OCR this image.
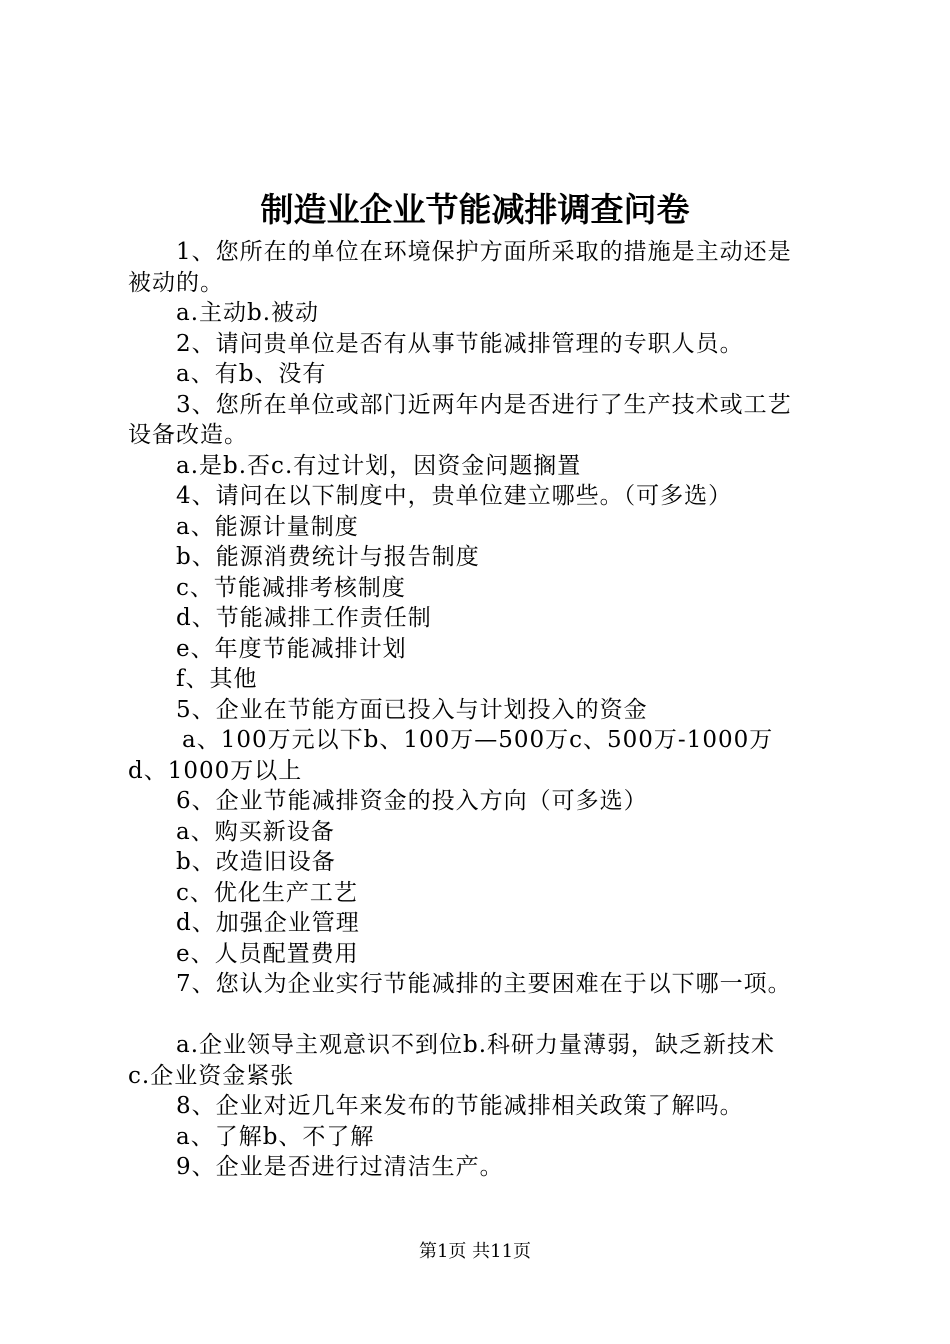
制造业企业节能减排调查问卷
1、您所在的单位在环境保护方面所采取的措施是主动还是
被动的。
a.主动b.被动
2、请问贵单位是否有从事节能减排管理的专职人员。
a、有b、没有
3、您所在单位或部门近两年内是否进行了生产技术或工艺
设备改造。
a.是b.否c.有过计划，因资金问题搁置
4、请问在以下制度中，贵单位建立哪些。（可多选）
a、能源计量制度
b、能源消费统计与报告制度
c、节能减排考核制度
d、节能减排工作责任制
e、年度节能减排计划
f、其他
5、企业在节能方面已投入与计划投入的资金
a、100万元以下b、100万—500万c、500万-1000万
d、1000万以上
6、企业节能减排资金的投入方向（可多选）
a、购买新设备
b、改造旧设备
c、优化生产工艺
d、加强企业管理
e、人员配置费用
7、您认为企业实行节能减排的主要困难在于以下哪一项。
a.企业领导主观意识不到位b.科研力量薄弱，缺乏新技术
c.企业资金紧张
8、企业对近几年来发布的节能减排相关政策了解吗。
a、了解b、不了解
9、企业是否进行过清洁生产。
第1页 共11页
